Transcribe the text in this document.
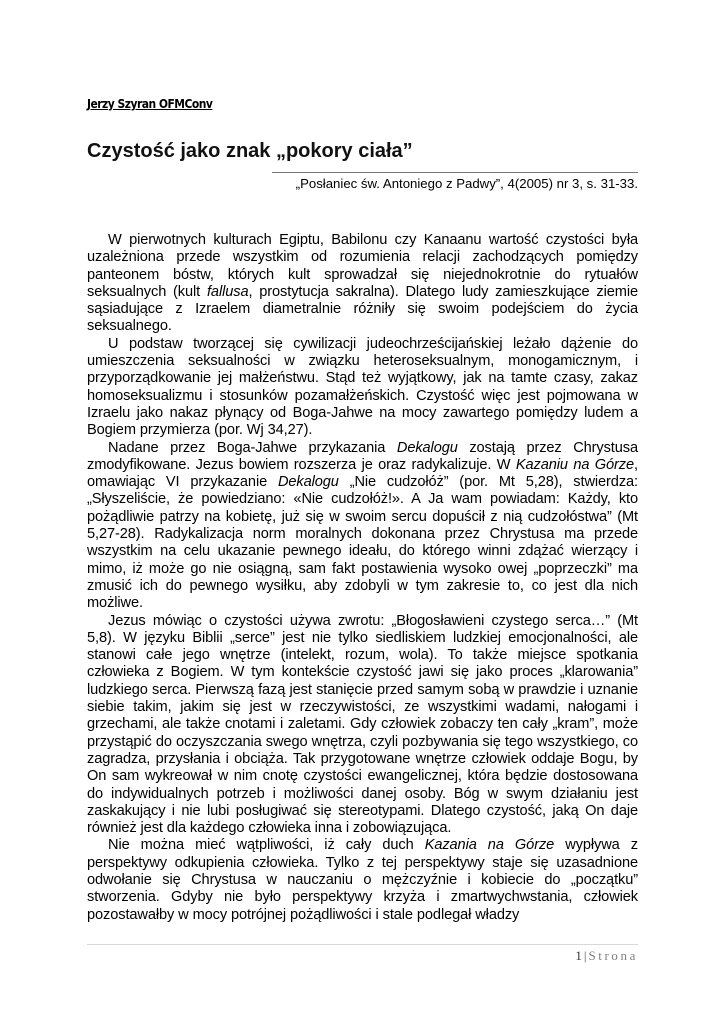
Jerzy Szyran OFMConv
Czystość jako znak „pokory ciała”
„Posłaniec św. Antoniego z Padwy”, 4(2005) nr 3, s. 31-33.

W pierwotnych kulturach Egiptu, Babilonu czy Kanaanu wartość czystości była uzależniona przede wszystkim od rozumienia relacji zachodzących pomiędzy panteonem bóstw, których kult sprowadzał się niejednokrotnie do rytuałów seksualnych (kult fallusa, prostytucja sakralna). Dlatego ludy zamieszkujące ziemie sąsiadujące z Izraelem diametralnie różniły się swoim podejściem do życia seksualnego.

U podstaw tworzącej się cywilizacji judeochrześcijańskiej leżało dążenie do umieszczenia seksualności w związku heteroseksualnym, monogamicznym, i przyporządkowanie jej małżeństwu. Stąd też wyjątkowy, jak na tamte czasy, zakaz homoseksualizmu i stosunków pozamałżeńskich. Czystość więc jest pojmowana w Izraelu jako nakaz płynący od Boga-Jahwe na mocy zawartego pomiędzy ludem a Bogiem przymierza (por. Wj 34,27).

Nadane przez Boga-Jahwe przykazania Dekalogu zostają przez Chrystusa zmodyfikowane. Jezus bowiem rozszerza je oraz radykalizuje. W Kazaniu na Górze, omawiając VI przykazanie Dekalogu „Nie cudzołóż” (por. Mt 5,28), stwierdza: „Słyszeliście, że powiedziano: «Nie cudzołóż!». A Ja wam powiadam: Każdy, kto pożądliwie patrzy na kobietę, już się w swoim sercu dopuścił z nią cudzołóstwa” (Mt 5,27-28). Radykalizacja norm moralnych dokonana przez Chrystusa ma przede wszystkim na celu ukazanie pewnego ideału, do którego winni zdążać wierzący i mimo, iż może go nie osiągną, sam fakt postawienia wysoko owej „poprzeczki” ma zmusić ich do pewnego wysiłku, aby zdobyli w tym zakresie to, co jest dla nich możliwe.

Jezus mówiąc o czystości używa zwrotu: „Błogosławieni czystego serca…” (Mt 5,8). W języku Biblii „serce” jest nie tylko siedliskiem ludzkiej emocjonalności, ale stanowi całe jego wnętrze (intelekt, rozum, wola). To także miejsce spotkania człowieka z Bogiem. W tym kontekście czystość jawi się jako proces „klarowania” ludzkiego serca. Pierwszą fazą jest stanięcie przed samym sobą w prawdzie i uznanie siebie takim, jakim się jest w rzeczywistości, ze wszystkimi wadami, nałogami i grzechami, ale także cnotami i zaletami. Gdy człowiek zobaczy ten cały „kram”, może przystąpić do oczyszczania swego wnętrza, czyli pozbywania się tego wszystkiego, co zagradza, przysłania i obciąża. Tak przygotowane wnętrze człowiek oddaje Bogu, by On sam wykreował w nim cnotę czystości ewangelicznej, która będzie dostosowana do indywidualnych potrzeb i możliwości danej osoby. Bóg w swym działaniu jest zaskakujący i nie lubi posługiwać się stereotypami. Dlatego czystość, jaką On daje również jest dla każdego człowieka inna i zobowiązująca.

Nie można mieć wątpliwości, iż cały duch Kazania na Górze wypływa z perspektywy odkupienia człowieka. Tylko z tej perspektywy staje się uzasadnione odwołanie się Chrystusa w nauczaniu o mężczyźnie i kobiecie do „początku” stworzenia. Gdyby nie było perspektywy krzyża i zmartwychwstania, człowiek pozostawałby w mocy potrójnej pożądliwości i stale podlegał władzy

1 | Strona
